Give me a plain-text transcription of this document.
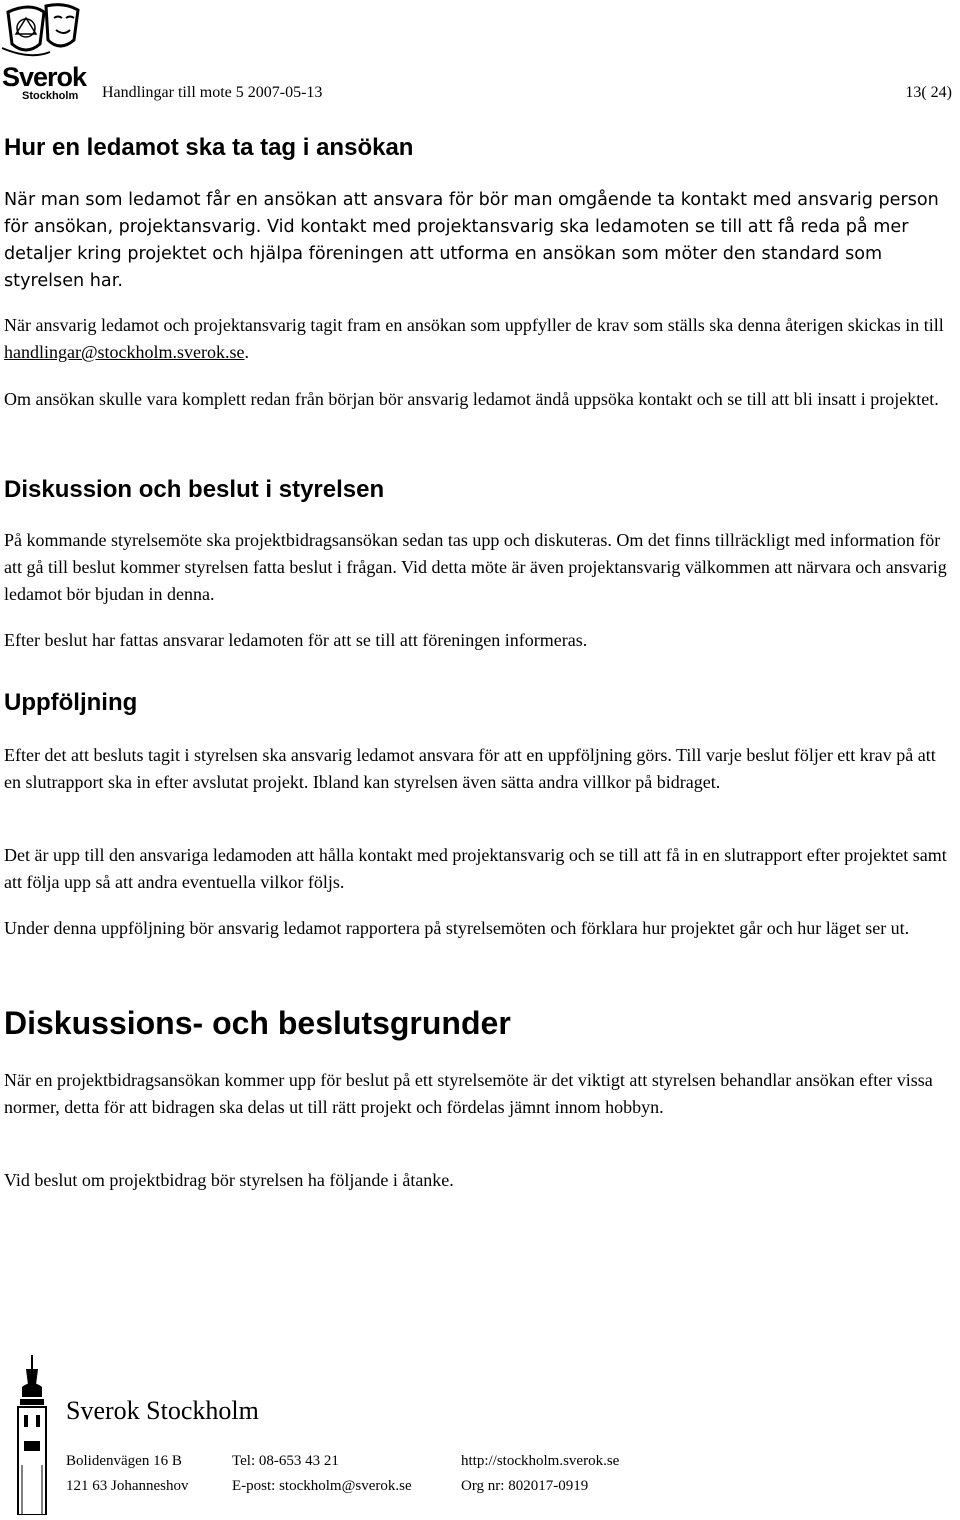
Sverok
Stockholm Handlingar till mote 5 2007-05-13	13( 24)
Hur en ledamot ska ta tag i ansökan

När man som ledamot får en ansökan att ansvara för bör man omgående ta kontakt med ansvarig person för ansökan, projektansvarig. Vid kontakt med projektansvarig ska ledamoten se till att få reda på mer detaljer kring projektet och hjälpa föreningen att utforma en ansökan som möter den standard som styrelsen har.

När ansvarig ledamot och projektansvarig tagit fram en ansökan som uppfyller de krav som ställs ska denna återigen skickas in till handlingar@stockholm.sverok.se.

Om ansökan skulle vara komplett redan från början bör ansvarig ledamot ändå uppsöka kontakt och se till att bli insatt i projektet.

Diskussion och beslut i styrelsen

På kommande styrelsemöte ska projektbidragsansökan sedan tas upp och diskuteras. Om det finns tillräckligt med information för att gå till beslut kommer styrelsen fatta beslut i frågan. Vid detta möte är även projektansvarig välkommen att närvara och ansvarig ledamot bör bjudan in denna.

Efter beslut har fattas ansvarar ledamoten för att se till att föreningen informeras.

Uppföljning

Efter det att besluts tagit i styrelsen ska ansvarig ledamot ansvara för att en uppföljning görs. Till varje beslut följer ett krav på att en slutrapport ska in efter avslutat projekt. Ibland kan styrelsen även sätta andra villkor på bidraget.

Det är upp till den ansvariga ledamoden att hålla kontakt med projektansvarig och se till att få in en slutrapport efter projektet samt att följa upp så att andra eventuella vilkor följs.

Under denna uppföljning bör ansvarig ledamot rapportera på styrelsemöten och förklara hur projektet går och hur läget ser ut.

Diskussions- och beslutsgrunder

När en projektbidragsansökan kommer upp för beslut på ett styrelsemöte är det viktigt att styrelsen behandlar ansökan efter vissa normer, detta för att bidragen ska delas ut till rätt projekt och fördelas jämnt innom hobbyn.

Vid beslut om projektbidrag bör styrelsen ha följande i åtanke.

Sverok Stockholm
Bolidenvägen 16 B
121 63 Johanneshov
Tel: 08-653 43 21
E-post: stockholm@sverok.se
http://stockholm.sverok.se
Org nr: 802017-0919
